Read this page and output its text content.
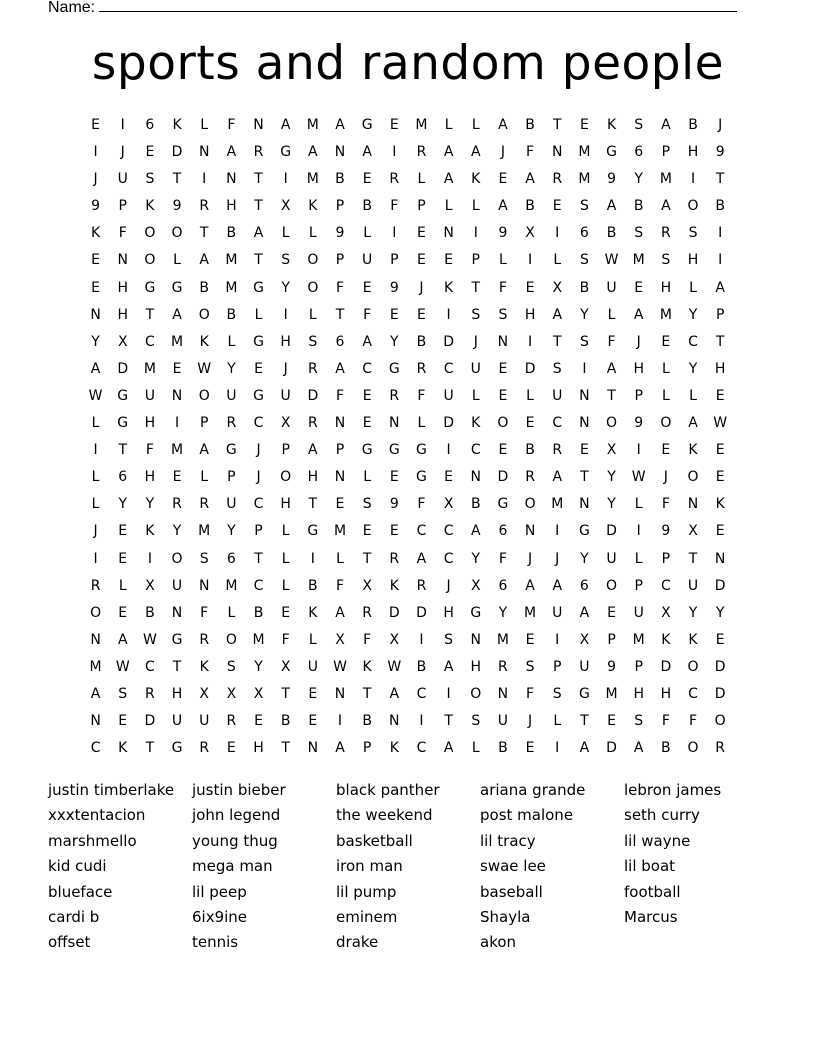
Name:
sports and random people
E	I	6	K	L	F	N	A	M	A	G	E	M	L	L	A	B	T	E	K	S	A	B	J
I	J	E	D	N	A	R	G	A	N	A	I	R	A	A	J	F	N	M	G	6	P	H	9
J	U	S	T	I	N	T	I	M	B	E	R	L	A	K	E	A	R	M	9	Y	M	I	T
9	P	K	9	R	H	T	X	K	P	B	F	P	L	L	A	B	E	S	A	B	A	O	B
K	F	O	O	T	B	A	L	L	9	L	I	E	N	I	9	X	I	6	B	S	R	S	I
E	N	O	L	A	M	T	S	O	P	U	P	E	E	P	L	I	L	S	W	M	S	H	I
E	H	G	G	B	M	G	Y	O	F	E	9	J	K	T	F	E	X	B	U	E	H	L	A
N	H	T	A	O	B	L	I	L	T	F	E	E	I	S	S	H	A	Y	L	A	M	Y	P
Y	X	C	M	K	L	G	H	S	6	A	Y	B	D	J	N	I	T	S	F	J	E	C	T
A	D	M	E	W	Y	E	J	R	A	C	G	R	C	U	E	D	S	I	A	H	L	Y	H
W	G	U	N	O	U	G	U	D	F	E	R	F	U	L	E	L	U	N	T	P	L	L	E
L	G	H	I	P	R	C	X	R	N	E	N	L	D	K	O	E	C	N	O	9	O	A	W
I	T	F	M	A	G	J	P	A	P	G	G	G	I	C	E	B	R	E	X	I	E	K	E
L	6	H	E	L	P	J	O	H	N	L	E	G	E	N	D	R	A	T	Y	W	J	O	E
L	Y	Y	R	R	U	C	H	T	E	S	9	F	X	B	G	O	M	N	Y	L	F	N	K
J	E	K	Y	M	Y	P	L	G	M	E	E	C	C	A	6	N	I	G	D	I	9	X	E
I	E	I	O	S	6	T	L	I	L	T	R	A	C	Y	F	J	J	Y	U	L	P	T	N
R	L	X	U	N	M	C	L	B	F	X	K	R	J	X	6	A	A	6	O	P	C	U	D
O	E	B	N	F	L	B	E	K	A	R	D	D	H	G	Y	M	U	A	E	U	X	Y	Y
N	A	W	G	R	O	M	F	L	X	F	X	I	S	N	M	E	I	X	P	M	K	K	E
M	W	C	T	K	S	Y	X	U	W	K	W	B	A	H	R	S	P	U	9	P	D	O	D
A	S	R	H	X	X	X	T	E	N	T	A	C	I	O	N	F	S	G	M	H	H	C	D
N	E	D	U	U	R	E	B	E	I	B	N	I	T	S	U	J	L	T	E	S	F	F	O
C	K	T	G	R	E	H	T	N	A	P	K	C	A	L	B	E	I	A	D	A	B	O	R
justin timberlake
xxxtentacion
marshmello
kid cudi
blueface
cardi b
offset
justin bieber
john legend
young thug
mega man
lil peep
6ix9ine
tennis
black panther
the weekend
basketball
iron man
lil pump
eminem
drake
ariana grande
post malone
lil tracy
swae lee
baseball
Shayla
akon
lebron james
seth curry
lil wayne
lil boat
football
Marcus
